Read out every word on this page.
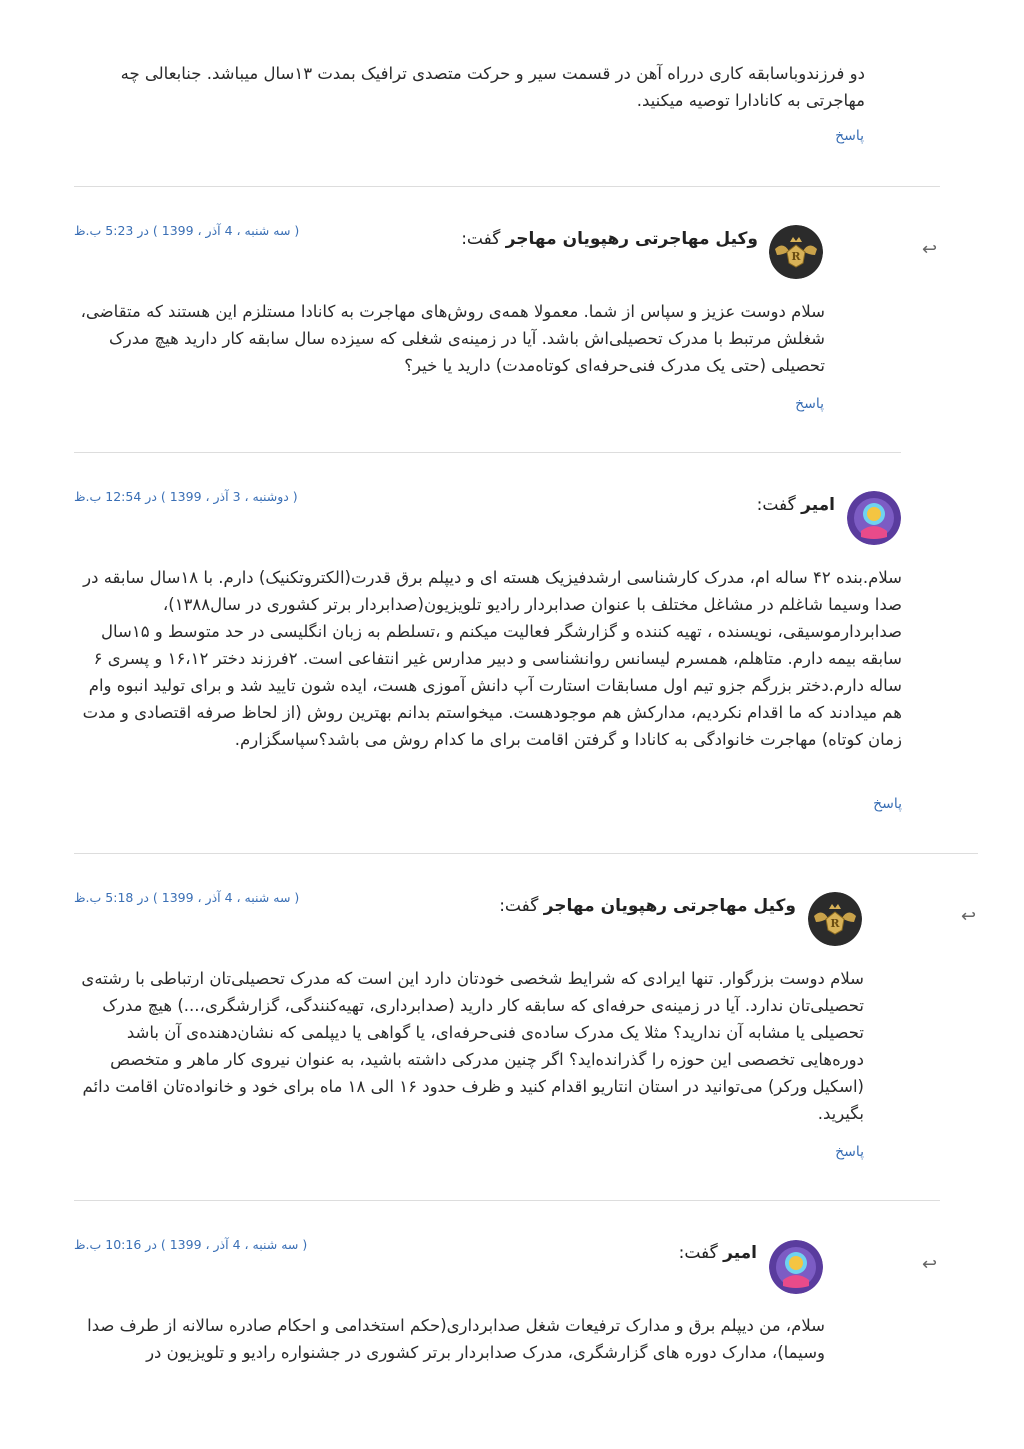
دو فرزندوباسابقه کاری درراه آهن در قسمت سیر و حرکت متصدی ترافیک بمدت ۱۳سال میباشد. جنابعالی چه مهاجرتی به کانادارا توصیه میکنید.
پاسخ
↩
R
وکیل مهاجرتی رهپویان مهاجر گفت:
( سه شنبه ، 4 آذر ، 1399 ) در 5:23 ب.ظ
سلام دوست عزیز و سپاس از شما. معمولا همه‌ی روش‌های مهاجرت به کانادا مستلزم این هستند که متقاضی، شغلش مرتبط با مدرک تحصیلی‌اش باشد. آیا در زمینه‌ی شغلی که سیزده سال سابقه کار دارید هیچ مدرک تحصیلی (حتی یک مدرک فنی‌حرفه‌ای کوتاه‌مدت) دارید یا خیر؟
پاسخ
امیر گفت:
( دوشنبه ، 3 آذر ، 1399 ) در 12:54 ب.ظ
سلام.بنده ۴۲ ساله ام، مدرک کارشناسی ارشدفیزیک هسته ای و دیپلم برق قدرت(الکتروتکنیک) دارم. با ۱۸سال سابقه در صدا وسیما شاغلم در مشاغل مختلف با عنوان صدابردار رادیو تلویزیون(صدابردار برتر کشوری در سال۱۳۸۸)، صدابردارموسیقی، نویسنده ، تهیه کننده و گزارشگر فعالیت میکنم و ،تسلطم به زبان انگلیسی در حد متوسط و ۱۵سال سابقه بیمه دارم. متاهلم، همسرم لیسانس روانشناسی و دبیر مدارس غیر انتفاعی است. ۲فرزند دختر ۱۶،۱۲ و پسری ۶ ساله دارم.دختر بزرگم جزو تیم اول مسابقات استارت آپ دانش آموزی هست، ایده شون تایید شد و برای تولید انبوه وام هم میدادند که ما اقدام نکردیم، مدارکش هم موجودهست. میخواستم بدانم بهترین روش (از لحاظ صرفه اقتصادی و مدت زمان کوتاه) مهاجرت خانوادگی به کانادا و گرفتن اقامت برای ما کدام روش می باشد؟سپاسگزارم.
پاسخ
↩
R
وکیل مهاجرتی رهپویان مهاجر گفت:
( سه شنبه ، 4 آذر ، 1399 ) در 5:18 ب.ظ
سلام دوست بزرگوار. تنها ایرادی که شرایط شخصی خودتان دارد این است که مدرک تحصیلی‌تان ارتباطی با رشته‌ی تحصیلی‌تان ندارد. آیا در زمینه‌ی حرفه‌ای که سابقه کار دارید (صدابرداری، تهیه‌کنندگی، گزارشگری،...) هیچ مدرک تحصیلی یا مشابه آن ندارید؟ مثلا یک مدرک ساده‌ی فنی‌حرفه‌ای، یا گواهی یا دیپلمی که نشان‌دهنده‌ی آن باشد دوره‌هایی تخصصی این حوزه را گذرانده‌اید؟ اگر چنین مدرکی داشته باشید، به عنوان نیروی کار ماهر و متخصص (اسکیل ورکر) می‌توانید در استان انتاریو اقدام کنید و ظرف حدود ۱۶ الی ۱۸ ماه برای خود و خانواده‌تان اقامت دائم بگیرید.
پاسخ
↩
امیر گفت:
( سه شنبه ، 4 آذر ، 1399 ) در 10:16 ب.ظ
سلام، من دیپلم برق و مدارک ترفیعات شغل صدابرداری(حکم استخدامی و احکام صادره سالانه از طرف صدا وسیما)، مدارک دوره های گزارشگری، مدرک صدابردار برتر کشوری در جشنواره رادیو و تلویزیون در
